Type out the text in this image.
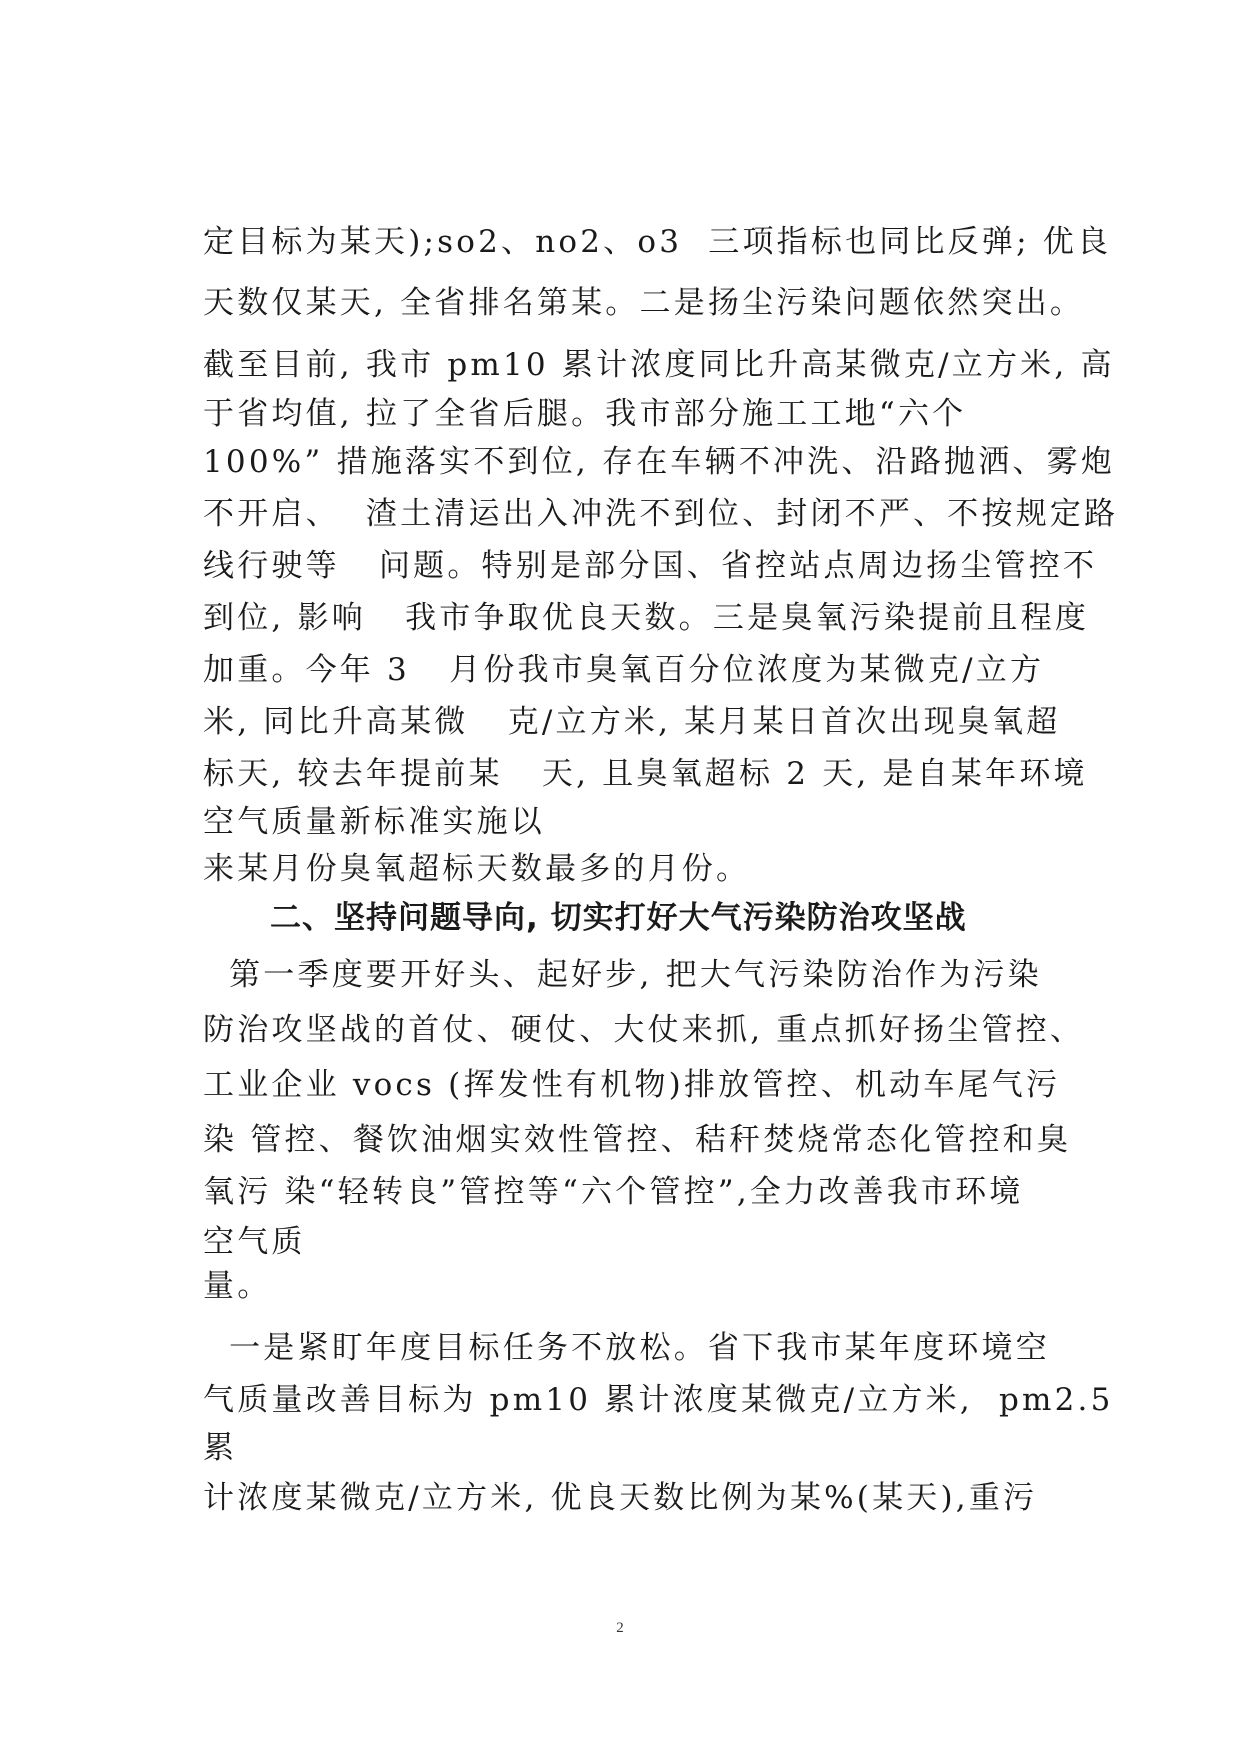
定目标为某天);so2、no2、o3  三项指标也同比反弹; 优良
天数仅某天, 全省排名第某。二是扬尘污染问题依然突出。
截至目前, 我市 pm10 累计浓度同比升高某微克/立方米, 高
于省均值, 拉了全省后腿。我市部分施工工地“六个
100%” 措施落实不到位, 存在车辆不冲洗、沿路抛洒、雾炮
不开启、  渣土清运出入冲洗不到位、封闭不严、不按规定路
线行驶等   问题。特别是部分国、省控站点周边扬尘管控不
到位, 影响   我市争取优良天数。三是臭氧污染提前且程度
加重。今年 3   月份我市臭氧百分位浓度为某微克/立方
米, 同比升高某微   克/立方米, 某月某日首次出现臭氧超
标天, 较去年提前某   天, 且臭氧超标 2 天, 是自某年环境
空气质量新标准实施以
来某月份臭氧超标天数最多的月份。
二、坚持问题导向, 切实打好大气污染防治攻坚战
第一季度要开好头、起好步, 把大气污染防治作为污染
防治攻坚战的首仗、硬仗、大仗来抓, 重点抓好扬尘管控、
工业企业 vocs (挥发性有机物)排放管控、机动车尾气污
染 管控、餐饮油烟实效性管控、秸秆焚烧常态化管控和臭
氧污 染“轻转良”管控等“六个管控”,全力改善我市环境
空气质
量。
一是紧盯年度目标任务不放松。省下我市某年度环境空
气质量改善目标为 pm10 累计浓度某微克/立方米,  pm2.5
累
计浓度某微克/立方米, 优良天数比例为某%(某天),重污
2
